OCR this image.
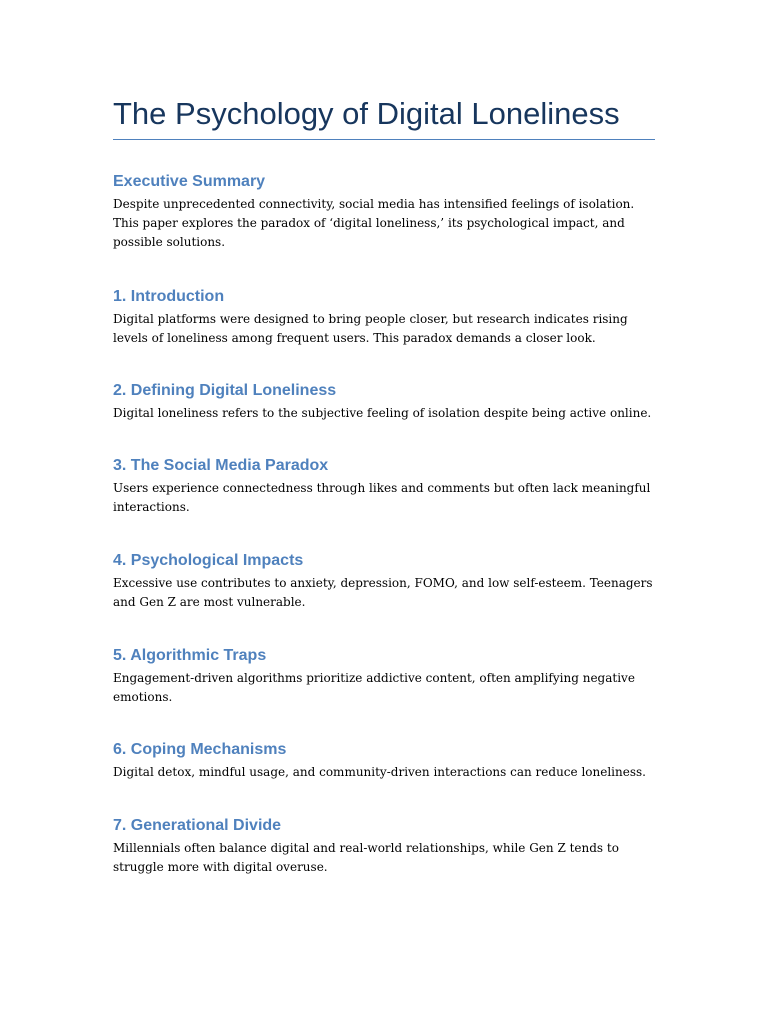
The Psychology of Digital Loneliness
Executive Summary

Despite unprecedented connectivity, social media has intensified feelings of isolation. This paper explores the paradox of ‘digital loneliness,’ its psychological impact, and possible solutions.

1. Introduction

Digital platforms were designed to bring people closer, but research indicates rising levels of loneliness among frequent users. This paradox demands a closer look.

2. Defining Digital Loneliness

Digital loneliness refers to the subjective feeling of isolation despite being active online.

3. The Social Media Paradox

Users experience connectedness through likes and comments but often lack meaningful interactions.

4. Psychological Impacts

Excessive use contributes to anxiety, depression, FOMO, and low self-esteem. Teenagers and Gen Z are most vulnerable.

5. Algorithmic Traps

Engagement-driven algorithms prioritize addictive content, often amplifying negative emotions.

6. Coping Mechanisms

Digital detox, mindful usage, and community-driven interactions can reduce loneliness.

7. Generational Divide

Millennials often balance digital and real-world relationships, while Gen Z tends to struggle more with digital overuse.
